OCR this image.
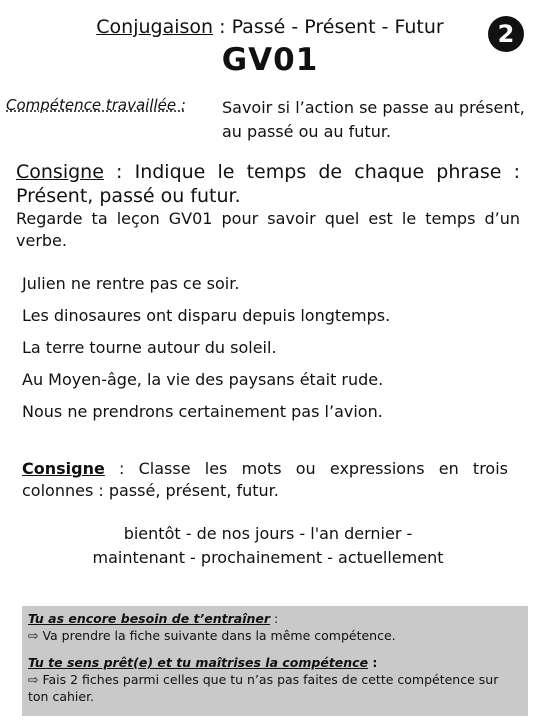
Conjugaison : Passé - Présent - Futur	2
GV01
Compétence travaillée : Savoir si l’action se passe au présent,
au passé ou au futur.
Consigne : Indique le temps de chaque phrase : Présent, passé ou futur.
Regarde ta leçon GV01 pour savoir quel est le temps d’un verbe.
Julien ne rentre pas ce soir.
Les dinosaures ont disparu depuis longtemps.
La terre tourne autour du soleil.
Au Moyen-âge, la vie des paysans était rude.
Nous ne prendrons certainement pas l’avion.
Consigne : Classe les mots ou expressions en trois colonnes : passé, présent, futur.
bientôt - de nos jours - l'an dernier -
maintenant - prochainement - actuellement

Tu as encore besoin de t’entraîner :

⇨ Va prendre la fiche suivante dans la même compétence.

Tu te sens prêt(e) et tu maîtrises la compétence :

⇨ Fais 2 fiches parmi celles que tu n’as pas faites de cette compétence sur ton cahier.
